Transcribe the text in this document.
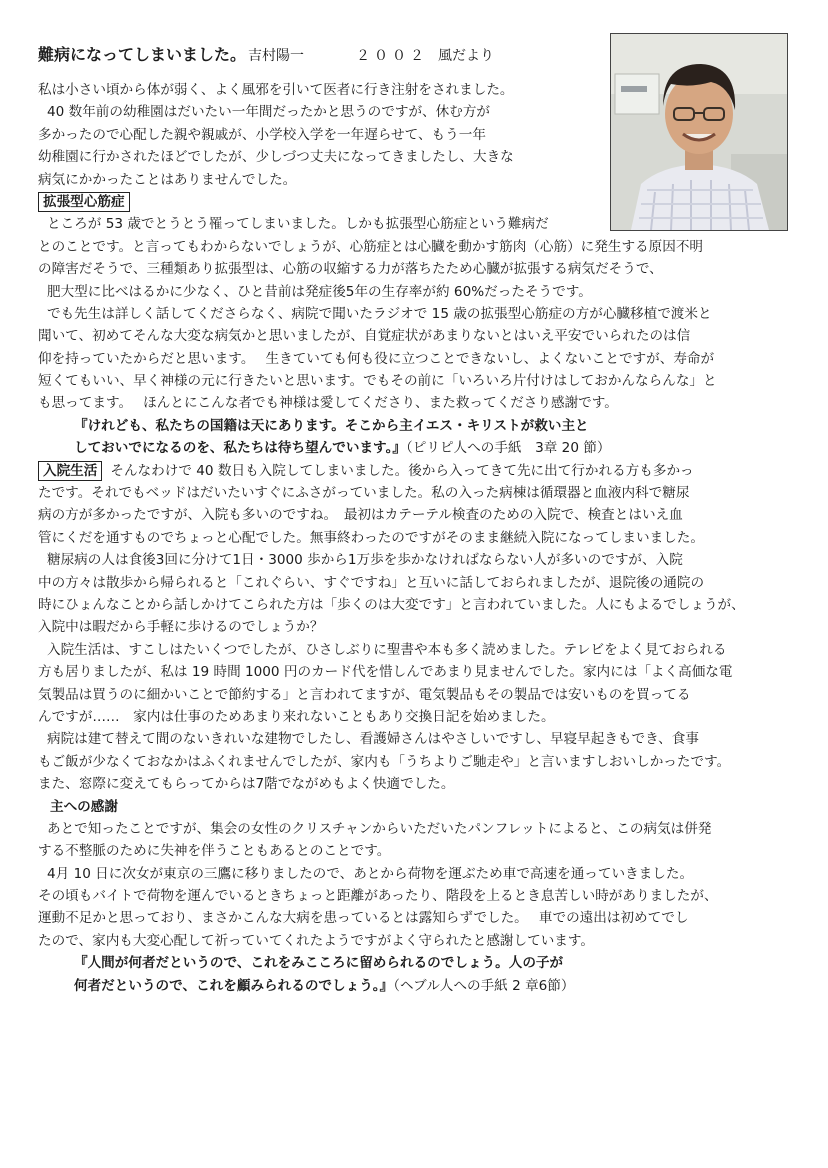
難病になってしまいました。 吉村陽一	２００２ 風だより
私は小さい頃から体が弱く、よく風邪を引いて医者に行き注射をされました。
40 数年前の幼稚園はだいたい一年間だったかと思うのですが、休む方が
多かったので心配した親や親戚が、小学校入学を一年遅らせて、もう一年
幼稚園に行かされたほどでしたが、少しづつ丈夫になってきましたし、大きな
病気にかかったことはありませんでした。
拡張型心筋症
ところが 53 歳でとうとう罹ってしまいました。しかも拡張型心筋症という難病だ
とのことです。と言ってもわからないでしょうが、心筋症とは心臓を動かす筋肉（心筋）に発生する原因不明
の障害だそうで、三種類あり拡張型は、心筋の収縮する力が落ちたため心臓が拡張する病気だそうで、
肥大型に比べはるかに少なく、ひと昔前は発症後5年の生存率が約 60%だったそうです。
でも先生は詳しく話してくださらなく、病院で聞いたラジオで 15 歳の拡張型心筋症の方が心臓移植で渡米と
聞いて、初めてそんな大変な病気かと思いましたが、自覚症状があまりないとはいえ平安でいられたのは信
仰を持っていたからだと思います。　 生きていても何も役に立つことできないし、よくないことですが、寿命が
短くてもいい、早く神様の元に行きたいと思います。でもその前に「いろいろ片付けはしておかんならんな」と
も思ってます。　 ほんとにこんな者でも神様は愛してくださり、また救ってくださり感謝です。
『けれども、私たちの国籍は天にあります。そこから主イエス・キリストが救い主と
しておいでになるのを、私たちは待ち望んでいます。』（ピリピ人への手紙　3章 20 節）
入院生活 そんなわけで 40 数日も入院してしまいました。後から入ってきて先に出て行かれる方も多かっ
たです。それでもベッドはだいたいすぐにふさがっていました。私の入った病棟は循環器と血液内科で糖尿
病の方が多かったですが、入院も多いのですね。　最初はカテーテル検査のための入院で、検査とはいえ血
管にくだを通すものでちょっと心配でした。無事終わったのですがそのまま継続入院になってしまいました。
糖尿病の人は食後3回に分けて1日・3000 歩から1万歩を歩かなければならない人が多いのですが、入院
中の方々は散歩から帰られると「これぐらい、すぐですね」と互いに話しておられましたが、退院後の通院の
時にひょんなことから話しかけてこられた方は「歩くのは大変です」と言われていました。人にもよるでしょうが、
入院中は暇だから手軽に歩けるのでしょうか？
入院生活は、すこしはたいくつでしたが、ひさしぶりに聖書や本も多く読めました。テレビをよく見ておられる
方も居りましたが、私は 19 時間 1000 円のカード代を惜しんであまり見ませんでした。家内には「よく高価な電
気製品は買うのに細かいことで節約する」と言われてますが、電気製品もその製品では安いものを買ってる
んですが……　家内は仕事のためあまり来れないこともあり交換日記を始めました。
病院は建て替えて間のないきれいな建物でしたし、看護婦さんはやさしいですし、早寝早起きもでき、食事
もご飯が少なくておなかはふくれませんでしたが、家内も「うちよりご馳走や」と言いますしおいしかったです。
また、窓際に変えてもらってからは7階でながめもよく快適でした。
主への感謝
あとで知ったことですが、集会の女性のクリスチャンからいただいたパンフレットによると、この病気は併発
する不整脈のために失神を伴うこともあるとのことです。
4月 10 日に次女が東京の三鷹に移りましたので、あとから荷物を運ぶため車で高速を通っていきました。
その頃もバイトで荷物を運んでいるときちょっと距離があったり、階段を上るとき息苦しい時がありましたが、
運動不足かと思っており、まさかこんな大病を患っているとは露知らずでした。　 車での遠出は初めてでし
たので、家内も大変心配して祈っていてくれたようですがよく守られたと感謝しています。
『人間が何者だというので、これをみこころに留められるのでしょう。人の子が
何者だというので、これを顧みられるのでしょう。』（ヘブル人への手紙 2 章6節）
